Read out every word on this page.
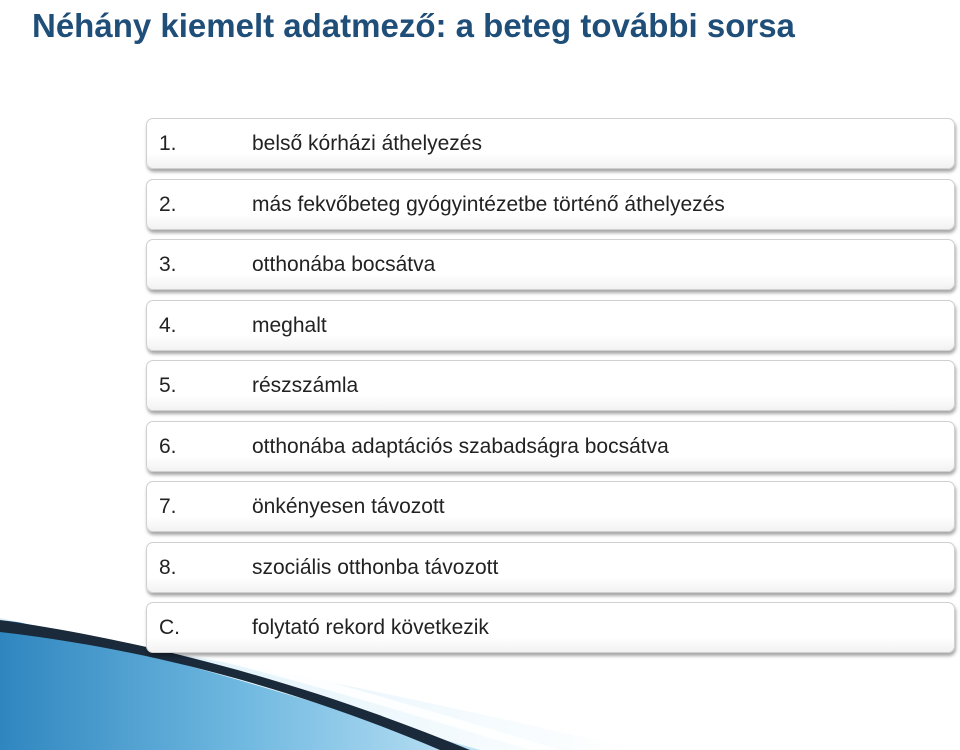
Néhány kiemelt adatmező: a beteg további sorsa
1.	belső kórházi áthelyezés
2.	más fekvőbeteg gyógyintézetbe történő áthelyezés
3.	otthonába bocsátva
4.	meghalt
5.	részszámla
6.	otthonába adaptációs szabadságra bocsátva
7.	önkényesen távozott
8.	szociális otthonba távozott
C.	folytató rekord következik
